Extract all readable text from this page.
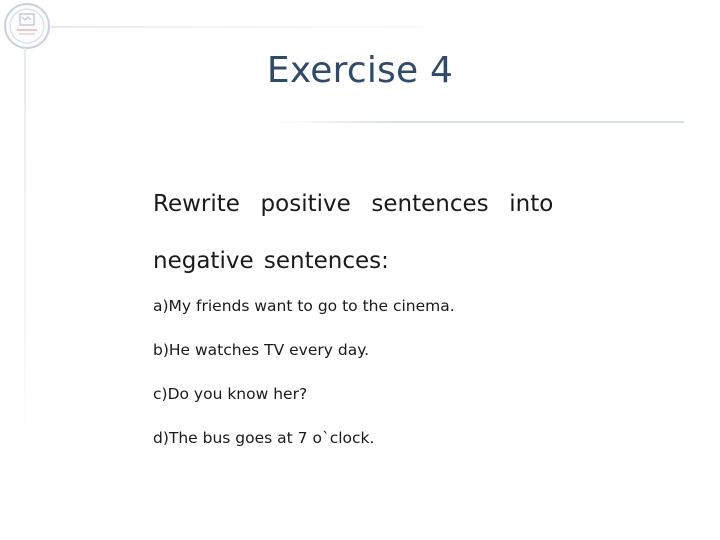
Exercise 4

Rewrite  positive  sentences  into

negative sentences:

a)My friends want to go to the cinema.

b)He watches TV every day.

c)Do you know her?

d)The bus goes at 7 o`clock.
